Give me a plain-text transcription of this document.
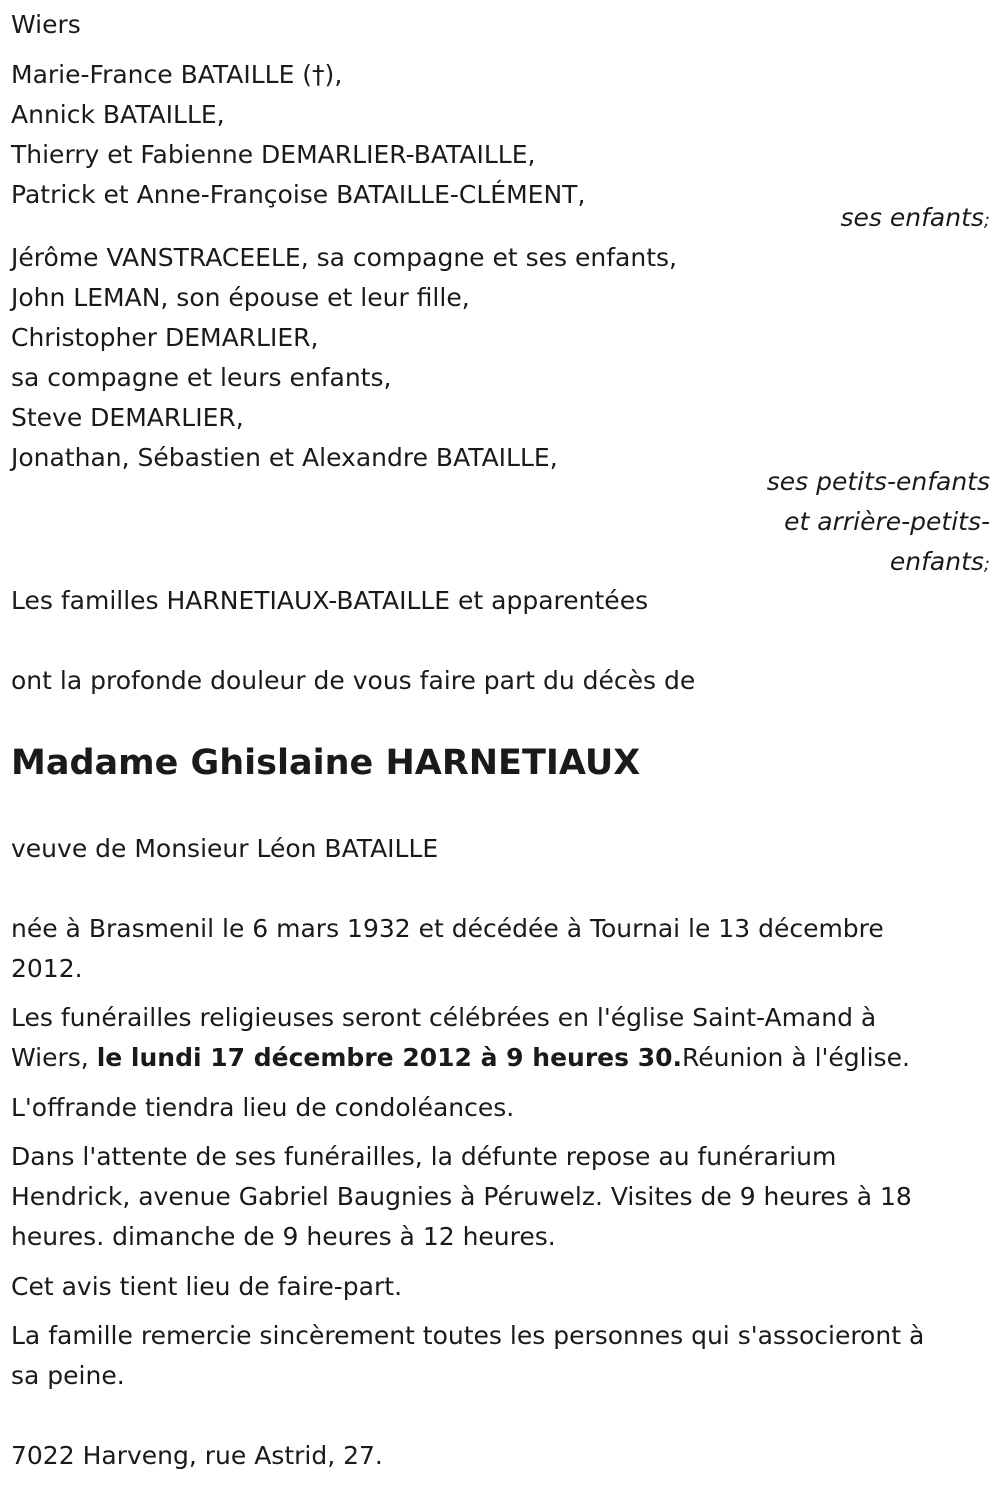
Wiers
Marie-France BATAILLE (†),
Annick BATAILLE,
Thierry et Fabienne DEMARLIER-BATAILLE,
Patrick et Anne-Françoise BATAILLE-CLÉMENT,
ses enfants;
Jérôme VANSTRACEELE, sa compagne et ses enfants,
John LEMAN, son épouse et leur fille,
Christopher DEMARLIER,
sa compagne et leurs enfants,
Steve DEMARLIER,
Jonathan, Sébastien et Alexandre BATAILLE,
ses petits-enfants
et arrière-petits-
enfants;
Les familles HARNETIAUX-BATAILLE et apparentées
ont la profonde douleur de vous faire part du décès de
Madame Ghislaine HARNETIAUX
veuve de Monsieur Léon BATAILLE
née à Brasmenil le 6 mars 1932 et décédée à Tournai le 13 décembre
2012.
Les funérailles religieuses seront célébrées en l'église Saint-Amand à
Wiers, le lundi 17 décembre 2012 à 9 heures 30.Réunion à l'église.
L'offrande tiendra lieu de condoléances.
Dans l'attente de ses funérailles, la défunte repose au funérarium
Hendrick, avenue Gabriel Baugnies à Péruwelz. Visites de 9 heures à 18
heures. dimanche de 9 heures à 12 heures.
Cet avis tient lieu de faire-part.
La famille remercie sincèrement toutes les personnes qui s'associeront à
sa peine.
7022 Harveng, rue Astrid, 27.
